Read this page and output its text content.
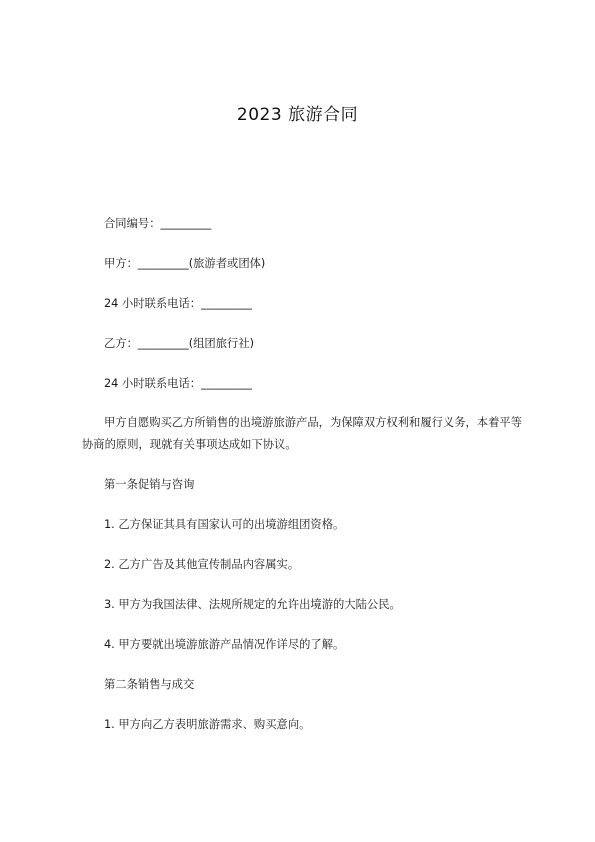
2023 旅游合同
合同编号：_________
甲方：_________(旅游者或团体)
24 小时联系电话：_________
乙方：_________(组团旅行社)
24 小时联系电话：_________
甲方自愿购买乙方所销售的出境游旅游产品，为保障双方权利和履行义务，本着平等协商的原则，现就有关事项达成如下协议。
第一条促销与咨询
1. 乙方保证其具有国家认可的出境游组团资格。
2. 乙方广告及其他宣传制品内容属实。
3. 甲方为我国法律、法规所规定的允许出境游的大陆公民。
4. 甲方要就出境游旅游产品情况作详尽的了解。
第二条销售与成交
1. 甲方向乙方表明旅游需求、购买意向。
